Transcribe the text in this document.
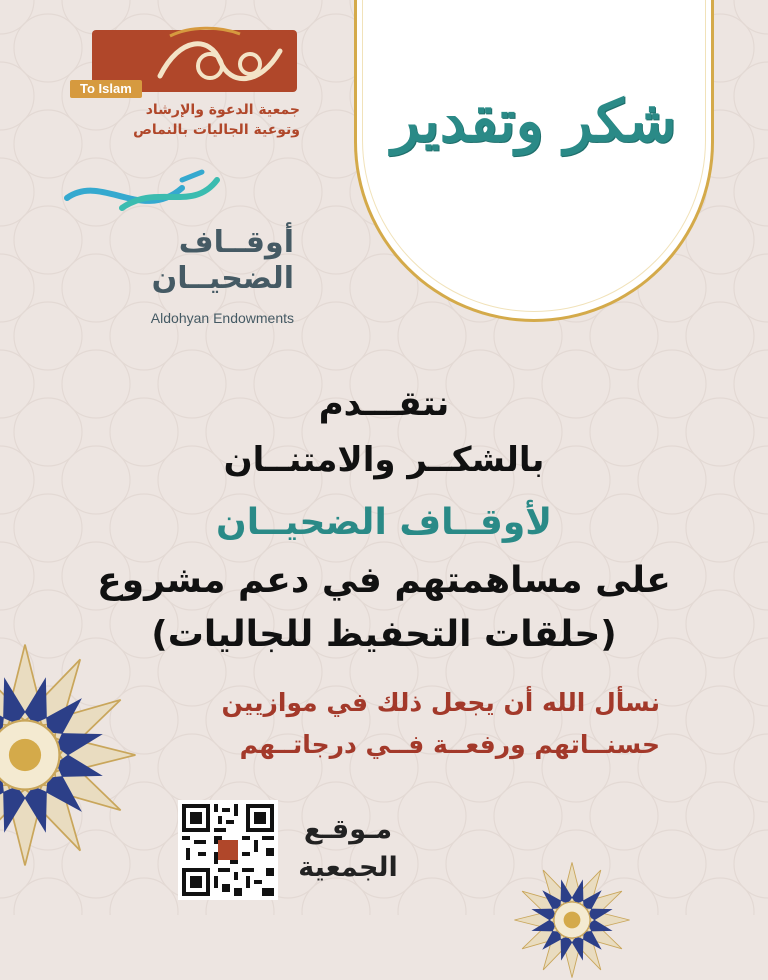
شكر وتقدير
To Islam
جمعية الدعوة والإرشاد
وتوعية الجاليات بالنماص
أوقــاف
الضحيــان
Aldohyan Endowments
نتقـــدم
بالشكــر والامتنــان
لأوقــاف الضحيــان
على مساهمتهم في دعم مشروع
(حلقات التحفيظ للجاليات)
نسأل الله أن يجعل ذلك في موازيين
حسنــاتهم ورفعــة فــي درجاتــهم
مـوقـع
الجمعية
